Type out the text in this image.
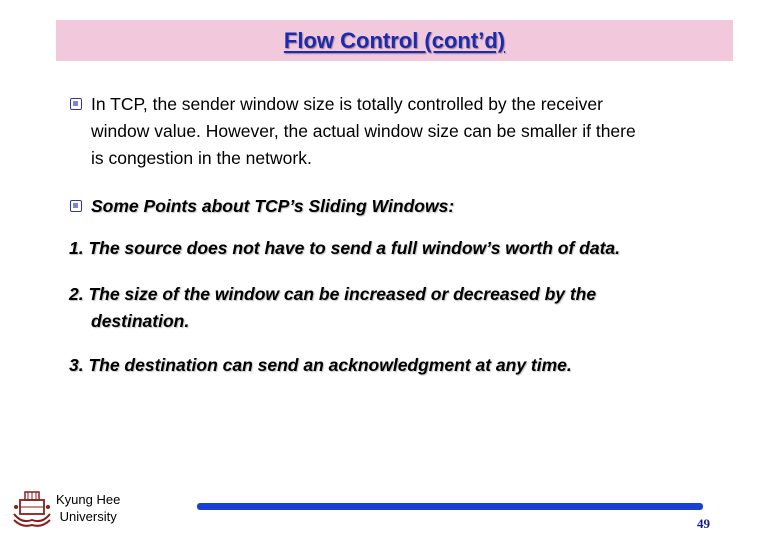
Flow Control (cont’d)
In TCP, the sender window size is totally controlled by the receiver
window value. However, the actual window size can be smaller if there
is congestion in the network.
Some Points about TCP’s Sliding Windows:
1. The source does not have to send a full window’s worth of data.
2. The size of the window can be increased or decreased by the
destination.
3. The destination can send an acknowledgment at any time.
Kyung Hee
University	49
